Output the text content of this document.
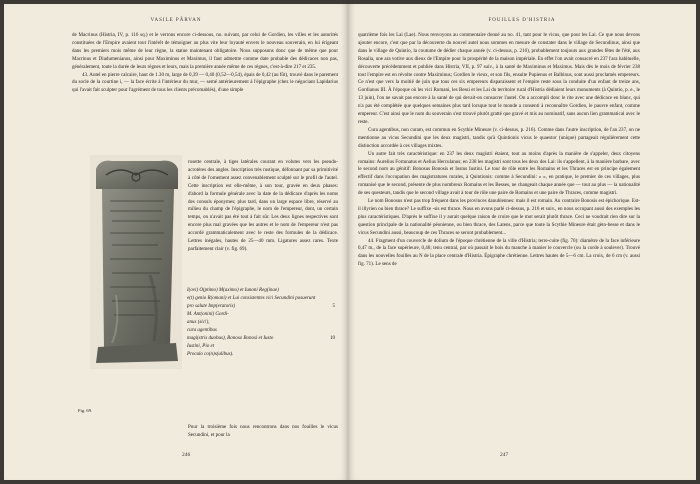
VASILE PÂRVAN

de Macrinus (Histria, IV, p. 116 sq.) et le verrons encore ci-dessous, no. suivant, par celui de Gordien, les villes et les autorités constituées de l'Empire avaient tout l'intérêt de témoigner au plus vite leur loyauté envers le nouveau souverain, en lui érigeant dans les premiers mois même de leur règne, la statue maintenant obligatoire. Nous supposons donc que de même que pour Macrinus et Diadumenianus, ainsi pour Maximinus et Maximus, il faut admettre comme date probable des dédicaces non pas, généralement, toute la durée de leurs règnes et leurs, mais la première année même de ces règnes, c'est-à-dire 217 et 235.

43. Autel en pierre calcaire, haut de 1.30 m, large de 0,39 — 0,40 (0,52—0,54), épais de 0,42 (au fût), trouvé dans le parement du socle de la courtine i, — la face écrite à l'intérieur du mur, — semé antérieurement à l'épigraphe (chez le négociant Lapidarius qui l'avait fait sculpter pour l'agrément de tous les clients précomablés), d'une simple

Fig. 69.
rosette centrale, à tiges latérales courant en volutes vers les pseudo-acrotères des angles. Inscription très rustique, défonnant par sa primitivité à côté de l'ornement assez convenablement sculpté sur le profil de l'autel. Cette inscription est elle-même, à son tour, gravée en deux phases: d'abord la formule générale avec la date de la dédicace d'après les noms des consuls éponymes; plus tard, dans un large espace libre, réservé au milieu du champ de l'épigraphe, le nom de l'empereur, dont, un certain temps, on n'avait pas été tout à fait sûr. Les deux lignes respectives sont encore plus mal gravées que les autres et le nom de l'empereur n'est pas accordé grammaticalement avec le reste des formules de la dédicace. Lettres inégales, hautes de 25—40 mm. Ligatures assez rares. Texte parfaitement clair (v. fig. 69).
I(ovi) O(ptimo) M(aximo) et Iunoni Reg(inae)
e(t) genio R(omani) et Lui consistentes vici Secundini posuerunt
pro salute Imp(eratoris)	5
M. Ant(onini) Gordi-
anus (sic!),
cura agentibus
magi(stris duobus), Bonoso Bonosi et Iusto	10
Iustini, Pio et
Proculo co(n)s(ulibus).
Pour la troisième fois nous rencontrons dans nos fouilles le vicus Secundini, et pour la
246
FOUILLES D'HISTRIA

quatrième fois les Lai (Lae). Nous renvoyons au commentaire donné au no. 41, tant pour le vicus, que pour les Lai. Ce que nous devons ajouter encore, c'est que par la découverte du nouvel autel nous sommes en mesure de constater dans le village de Secundinus, ainsi que dans le village de Quintio, la coutume de dédier chaque année (v. ci-dessus, p. 216), probablement toujours aux grandes fêtes de l'été, aux Rosalia, une ara votive aux dieux de l'Empire pour la prospérité de la maison impériale. En effet l'on avait consacré en 237 l'ara habituelle, découverte précédemment et publiée dans Histria, VII, p. 97 suiv., à la santé de Maximinus et Maximus. Mais dès le mois de février 238 tout l'empire est en révolte contre Maximinus; Gordien le vieux, et son fils, ensuite Pupienus et Balbinus, sont aussi proclamés empereurs. Ce n'est que vers la moitié de juin que tous ces six empereurs disparaissent et l'empire reste sous la conduite d'un enfant de treize ans, Gordianus III. À l'époque où les vici Romani, les Bessi et les Lai du territoire rural d'Histria dédiaient leurs monuments (à Quintio, p. e., le 13 juin), l'on ne savait pas encore à la santé de qui devait-on consacrer l'autel. On a accompli donc le rite avec une dédicace en blanc, qui n'a pas été complétée que quelques semaines plus tard lorsque tout le monde a consenti à reconnaître Gordien, le pauvre enfant, comme empereur. C'est ainsi que le nom du souverain s'est trouvé plutôt gratté que gravé et mis au nominatif, sans aucun lien grammatical avec le reste.

Cura agentibus, non curam, est commun en Scythie Mineure (v. ci-dessus, p. 216). Comme dans l'autre inscription, de l'an 237, on ne mentionne au vicus Secundini que les deux magistri, tandis qu'à Quintionis vicus le quaestor (unique) partageait régulièrement cette distinction accordée à ces villages mixtes.

Un autre fait très caractéristique: en 237 les deux magistri étaient, tout au moins d'après la manière de s'appeler, deux citoyens romains: Aurelius Fortunatus et Aelius Herculanus; en 238 les magistri sont tous les deux des Lai: ils s'appellent, à la manière barbare, avec le second nom au génitif: Bonosus Bonosis et Iustus Iustini. Le tour de rôle entre les Romains et les Thraces est en principe également effectif dans l'occupation des magistratures rurales, à Quintionis: comme à Secundini: « », en pratique, le premier de ces villages, plus romanisé que le second, présente de plus nombreux Romains et les Besses, ne changeait chaque année que — tout au plus — la nationalité de ses questeurs, tandis que le second village avait à tour de rôle une paire de Romains et une paire de Thraces, comme magistri.

Le nom Bonosus n'est pas trop fréquent dans les provinces danubiennes: mais il est romain. Au contraire Bonosis est épichorique. Est-il illyrien ou bien thrace? Le suffixe -sis est thrace. Nous en avons parlé ci-dessus, p. 216 et suiv., en nous occupant aussi des exemples les plus caractéristiques. D'après le suffixe il y aurait quelque raison de croire que le mot serait plutôt thrace. Ceci ne voudrait rien dire sur la question principale de la nationalité péonienne, ou bien thrace, des Latens, parce que toute la Scythie Mineure était gèto-besse et dans le vicus Secundini aussi, beaucoup de ces Thraces se seront probablement...

44. Fragment d'un couvercle de dolium de l'époque chrétienne de la ville d'Histria; terre-cuite (fig. 70): diamètre de la face inférieure 0,47 m., de la face supérieure, 0,46; tenu central, par où passait le bois du manche à manier le couvercle (ou la corde à soulever). Trouvé dans les nouvelles fouilles au N de la place centrale d'Histria. Épigraphe chrétienne. Lettres hautes de 5—6 cm. La croix, de 6 cm (v. aussi fig. 71). Le sens de

247
